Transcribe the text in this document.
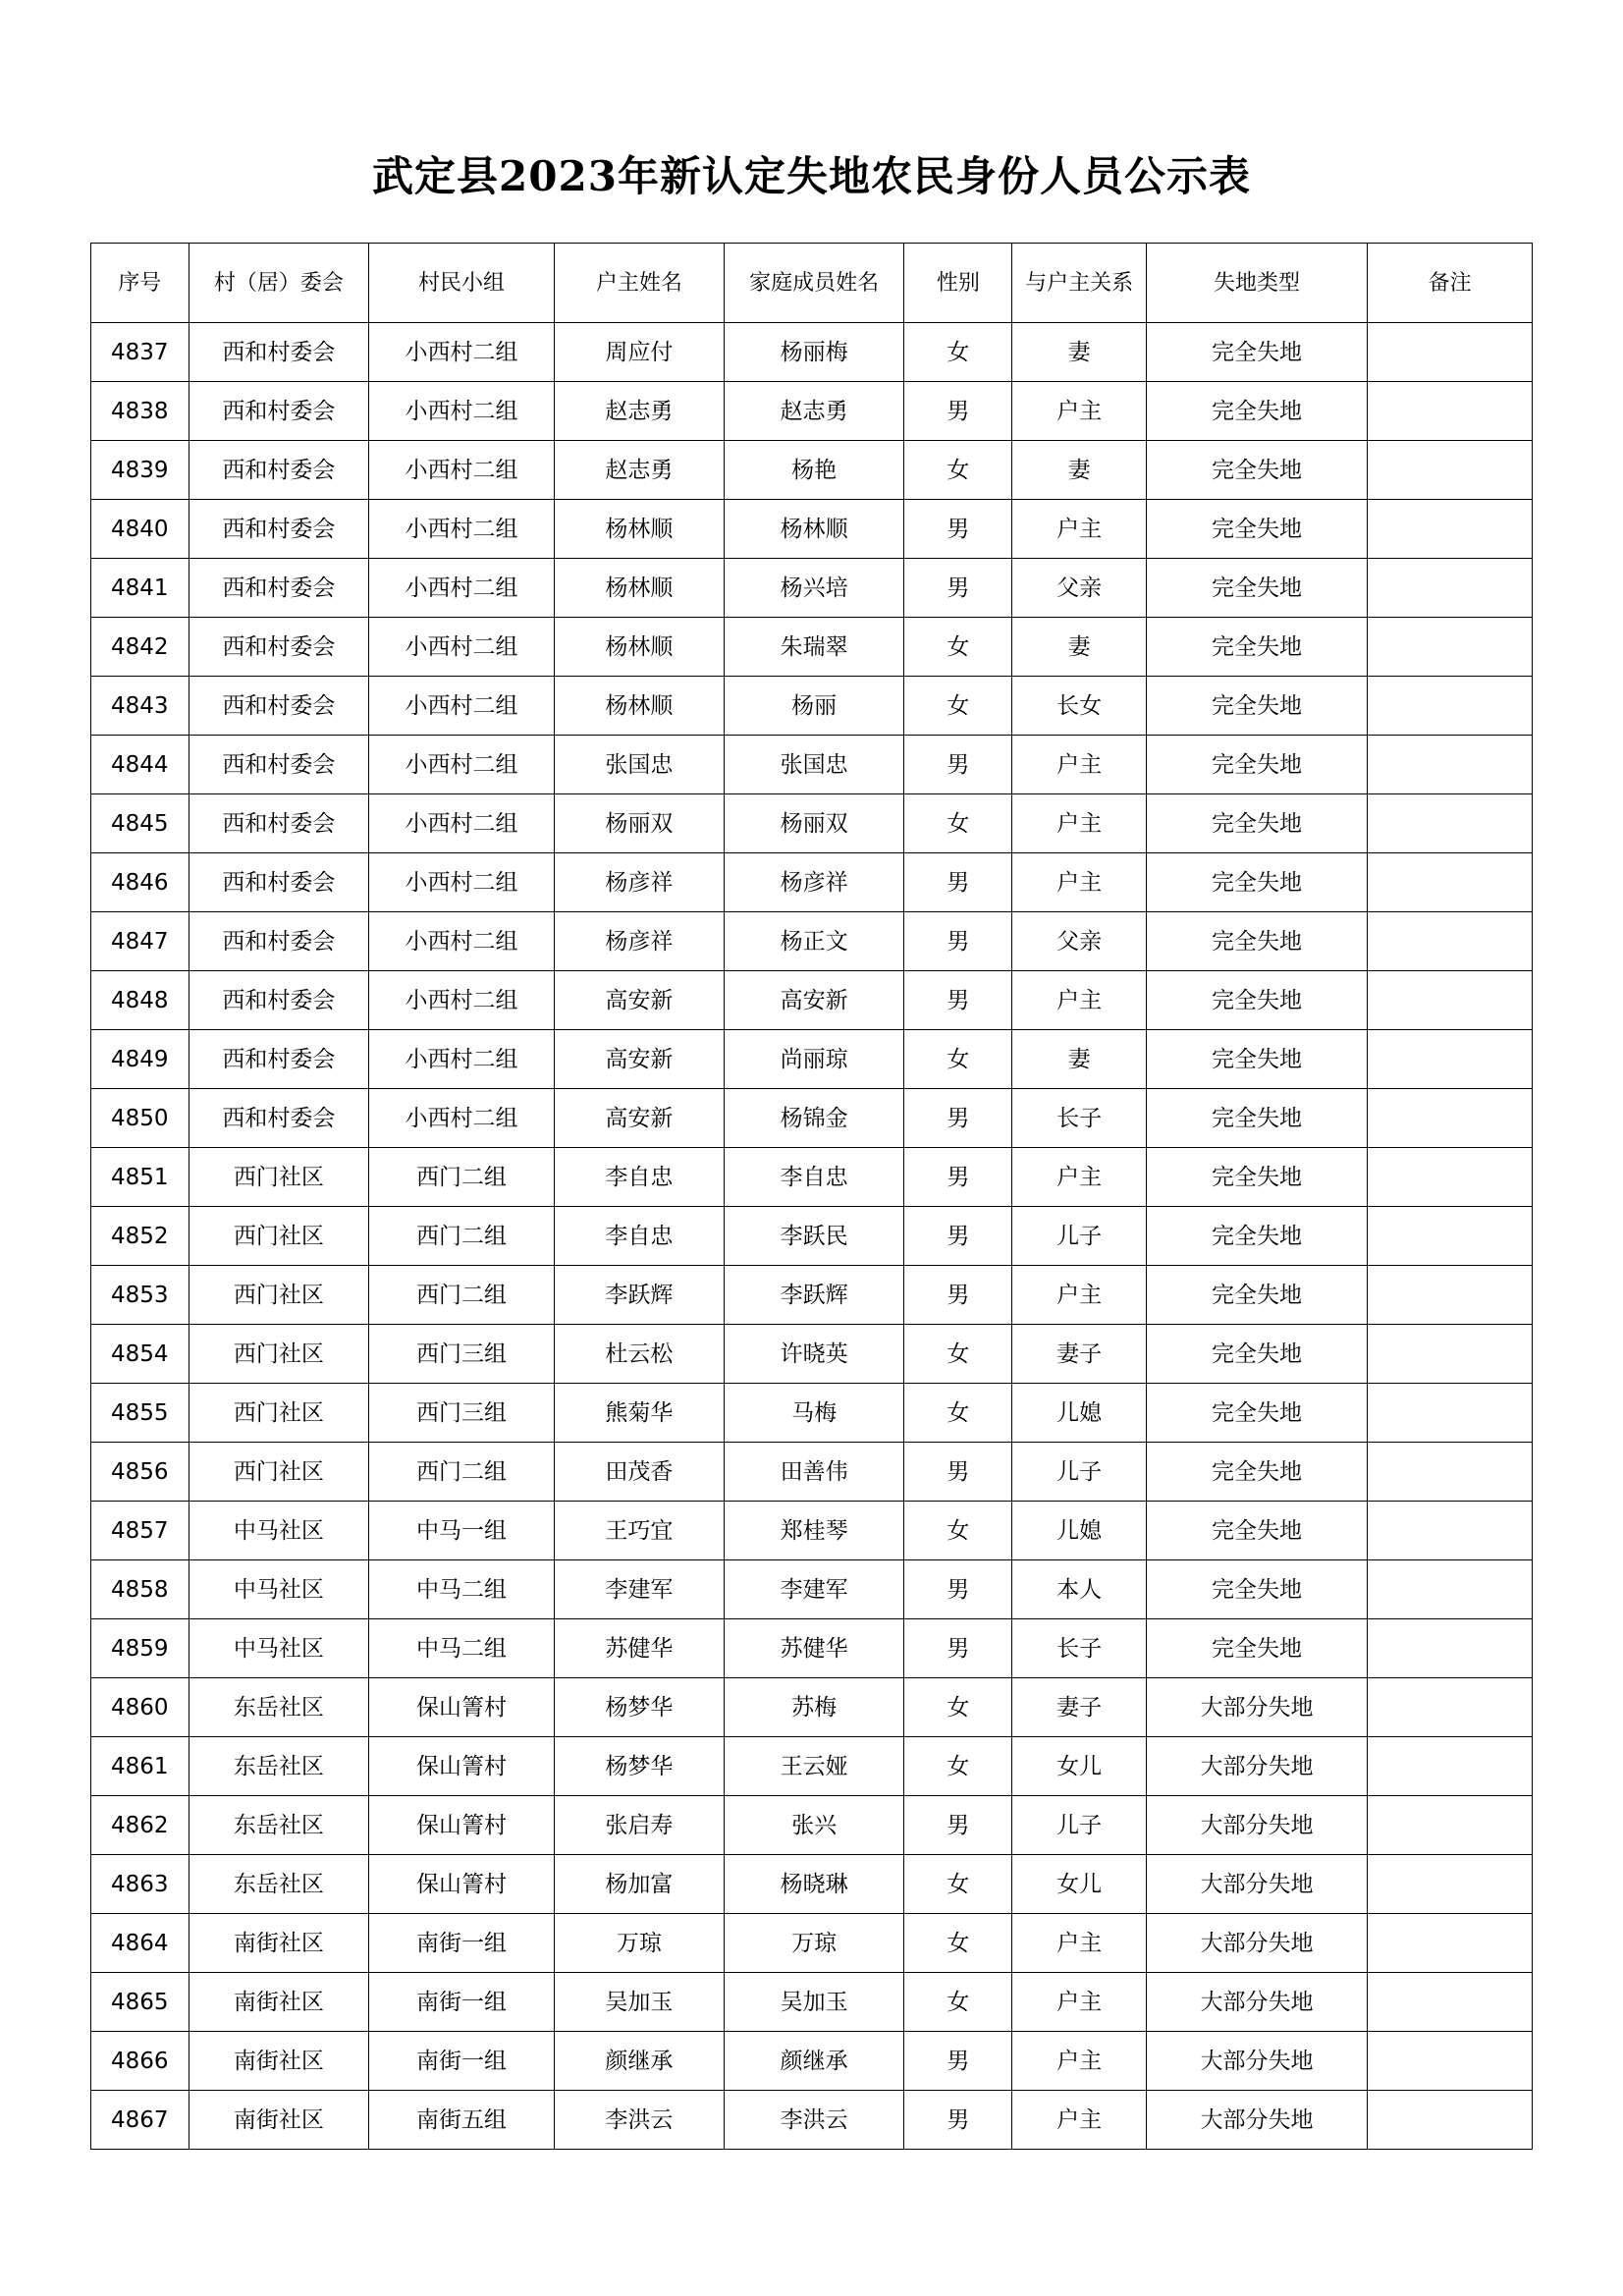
武定县2023年新认定失地农民身份人员公示表
序号	村（居）委会	村民小组	户主姓名	家庭成员姓名	性别	与户主关系	失地类型	备注
4837	西和村委会	小西村二组	周应付	杨丽梅	女	妻	完全失地	
4838	西和村委会	小西村二组	赵志勇	赵志勇	男	户主	完全失地	
4839	西和村委会	小西村二组	赵志勇	杨艳	女	妻	完全失地	
4840	西和村委会	小西村二组	杨林顺	杨林顺	男	户主	完全失地	
4841	西和村委会	小西村二组	杨林顺	杨兴培	男	父亲	完全失地	
4842	西和村委会	小西村二组	杨林顺	朱瑞翠	女	妻	完全失地	
4843	西和村委会	小西村二组	杨林顺	杨丽	女	长女	完全失地	
4844	西和村委会	小西村二组	张国忠	张国忠	男	户主	完全失地	
4845	西和村委会	小西村二组	杨丽双	杨丽双	女	户主	完全失地	
4846	西和村委会	小西村二组	杨彦祥	杨彦祥	男	户主	完全失地	
4847	西和村委会	小西村二组	杨彦祥	杨正文	男	父亲	完全失地	
4848	西和村委会	小西村二组	高安新	高安新	男	户主	完全失地	
4849	西和村委会	小西村二组	高安新	尚丽琼	女	妻	完全失地	
4850	西和村委会	小西村二组	高安新	杨锦金	男	长子	完全失地	
4851	西门社区	西门二组	李自忠	李自忠	男	户主	完全失地	
4852	西门社区	西门二组	李自忠	李跃民	男	儿子	完全失地	
4853	西门社区	西门二组	李跃辉	李跃辉	男	户主	完全失地	
4854	西门社区	西门三组	杜云松	许晓英	女	妻子	完全失地	
4855	西门社区	西门三组	熊菊华	马梅	女	儿媳	完全失地	
4856	西门社区	西门二组	田茂香	田善伟	男	儿子	完全失地	
4857	中马社区	中马一组	王巧宜	郑桂琴	女	儿媳	完全失地	
4858	中马社区	中马二组	李建军	李建军	男	本人	完全失地	
4859	中马社区	中马二组	苏健华	苏健华	男	长子	完全失地	
4860	东岳社区	保山箐村	杨梦华	苏梅	女	妻子	大部分失地	
4861	东岳社区	保山箐村	杨梦华	王云娅	女	女儿	大部分失地	
4862	东岳社区	保山箐村	张启寿	张兴	男	儿子	大部分失地	
4863	东岳社区	保山箐村	杨加富	杨晓琳	女	女儿	大部分失地	
4864	南街社区	南街一组	万琼	万琼	女	户主	大部分失地	
4865	南街社区	南街一组	吴加玉	吴加玉	女	户主	大部分失地	
4866	南街社区	南街一组	颜继承	颜继承	男	户主	大部分失地	
4867	南街社区	南街五组	李洪云	李洪云	男	户主	大部分失地	
